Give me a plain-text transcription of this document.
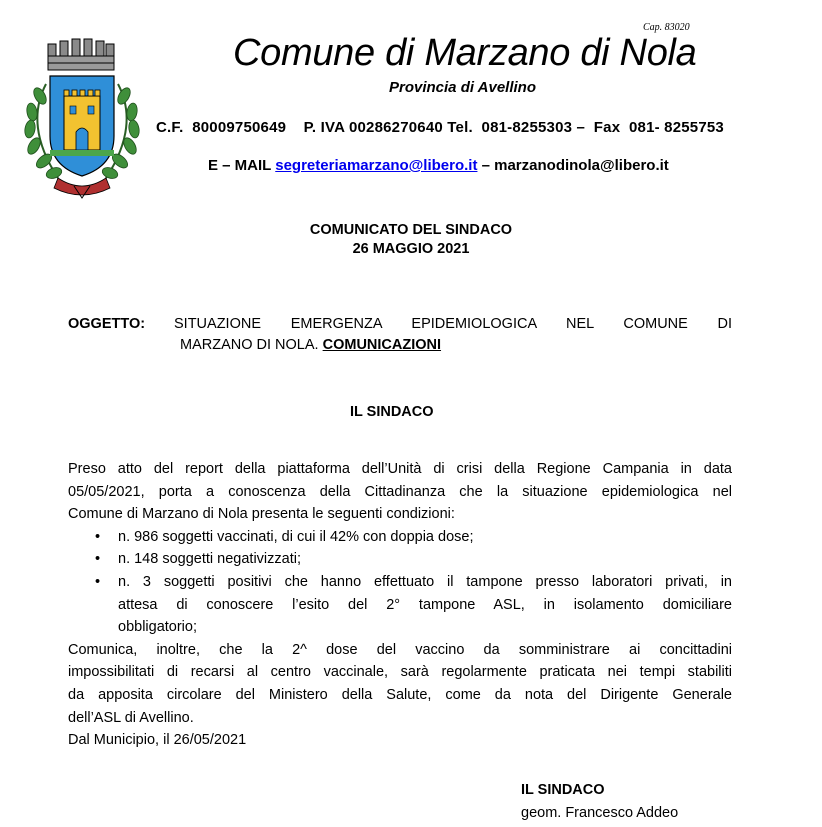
Cap. 83020
Comune di Marzano di Nola
Provincia di Avellino
C.F.  80009750649    P. IVA 00286270640 Tel.  081-8255303 –  Fax  081- 8255753
E – MAIL segreteriamarzano@libero.it – marzanodinola@libero.it
COMUNICATO DEL SINDACO
26 MAGGIO 2021
OGGETTO: SITUAZIONE EMERGENZA EPIDEMIOLOGICA NEL COMUNE DI
MARZANO DI NOLA. COMUNICAZIONI
IL SINDACO
Preso atto del report della piattaforma dell’Unità di crisi della Regione Campania in data
05/05/2021, porta a conoscenza della Cittadinanza che la situazione epidemiologica nel
Comune di Marzano di Nola presenta le seguenti condizioni:
• n. 986 soggetti vaccinati, di cui il 42% con doppia dose;
• n. 148 soggetti negativizzati;
• n. 3 soggetti positivi che hanno effettuato il tampone presso laboratori privati, in
attesa di conoscere l’esito del 2° tampone ASL, in isolamento domiciliare
obbligatorio;
Comunica, inoltre, che la 2^ dose del vaccino da somministrare ai concittadini
impossibilitati di recarsi al centro vaccinale, sarà regolarmente praticata nei tempi stabiliti
da apposita circolare del Ministero della Salute, come da nota del Dirigente Generale
dell’ASL di Avellino.
Dal Municipio, il 26/05/2021
IL SINDACO
geom. Francesco Addeo
